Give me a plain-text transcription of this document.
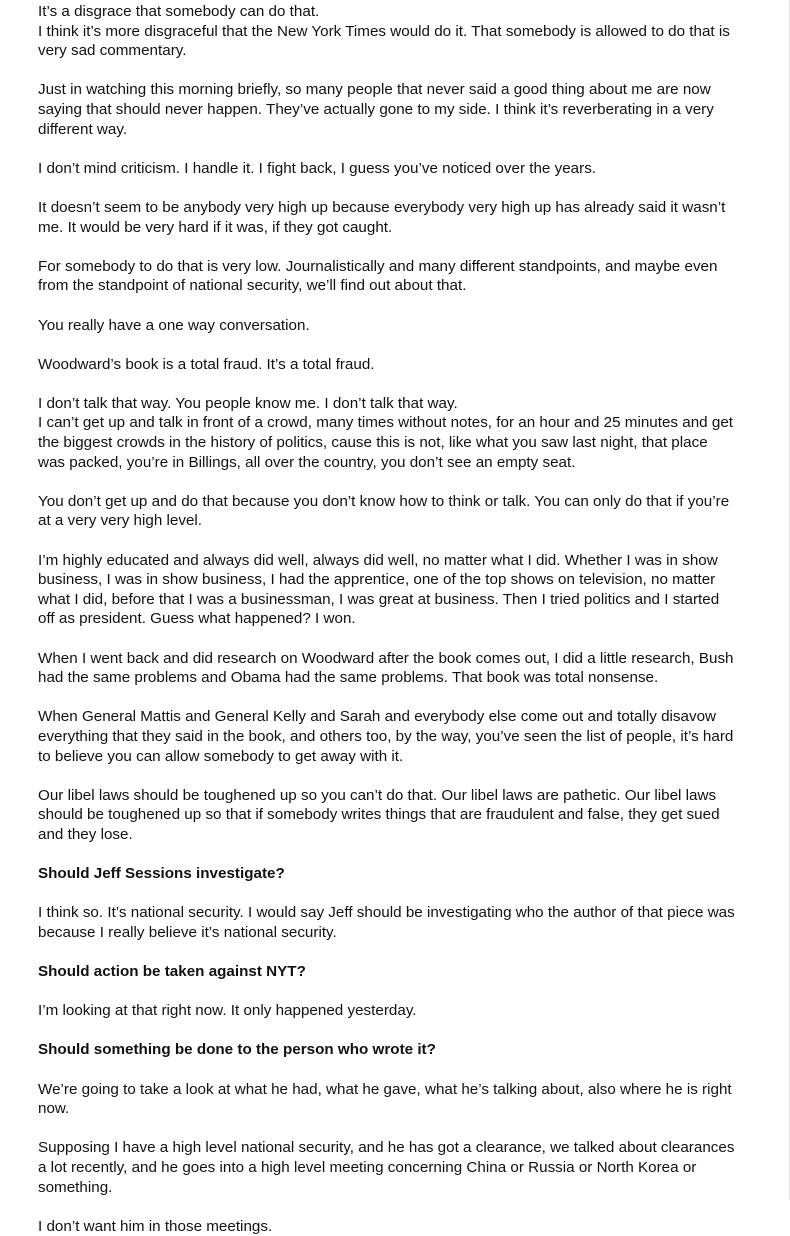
It’s a disgrace that somebody can do that.
I think it’s more disgraceful that the New York Times would do it. That somebody is allowed to do that is very sad commentary.

Just in watching this morning briefly, so many people that never said a good thing about me are now saying that should never happen. They’ve actually gone to my side. I think it’s reverberating in a very different way.

I don’t mind criticism. I handle it. I fight back, I guess you’ve noticed over the years.

It doesn’t seem to be anybody very high up because everybody very high up has already said it wasn’t me. It would be very hard if it was, if they got caught.

For somebody to do that is very low. Journalistically and many different standpoints, and maybe even from the standpoint of national security, we’ll find out about that.

You really have a one way conversation.

Woodward’s book is a total fraud. It’s a total fraud.

I don’t talk that way. You people know me. I don’t talk that way.
I can’t get up and talk in front of a crowd, many times without notes, for an hour and 25 minutes and get the biggest crowds in the history of politics, cause this is not, like what you saw last night, that place was packed, you’re in Billings, all over the country, you don’t see an empty seat.

You don’t get up and do that because you don’t know how to think or talk. You can only do that if you’re at a very very high level.

I’m highly educated and always did well, always did well, no matter what I did. Whether I was in show business, I was in show business, I had the apprentice, one of the top shows on television, no matter what I did, before that I was a businessman, I was great at business. Then I tried politics and I started off as president. Guess what happened? I won.

When I went back and did research on Woodward after the book comes out, I did a little research, Bush had the same problems and Obama had the same problems. That book was total nonsense.

When General Mattis and General Kelly and Sarah and everybody else come out and totally disavow everything that they said in the book, and others too, by the way, you’ve seen the list of people, it’s hard to believe you can allow somebody to get away with it.

Our libel laws should be toughened up so you can’t do that. Our libel laws are pathetic. Our libel laws should be toughened up so that if somebody writes things that are fraudulent and false, they get sued and they lose.

Should Jeff Sessions investigate?

I think so. It’s national security. I would say Jeff should be investigating who the author of that piece was because I really believe it’s national security.

Should action be taken against NYT?

I’m looking at that right now. It only happened yesterday.

Should something be done to the person who wrote it?

We’re going to take a look at what he had, what he gave, what he’s talking about, also where he is right now.

Supposing I have a high level national security, and he has got a clearance, we talked about clearances a lot recently, and he goes into a high level meeting concerning China or Russia or North Korea or something.

I don’t want him in those meetings.
